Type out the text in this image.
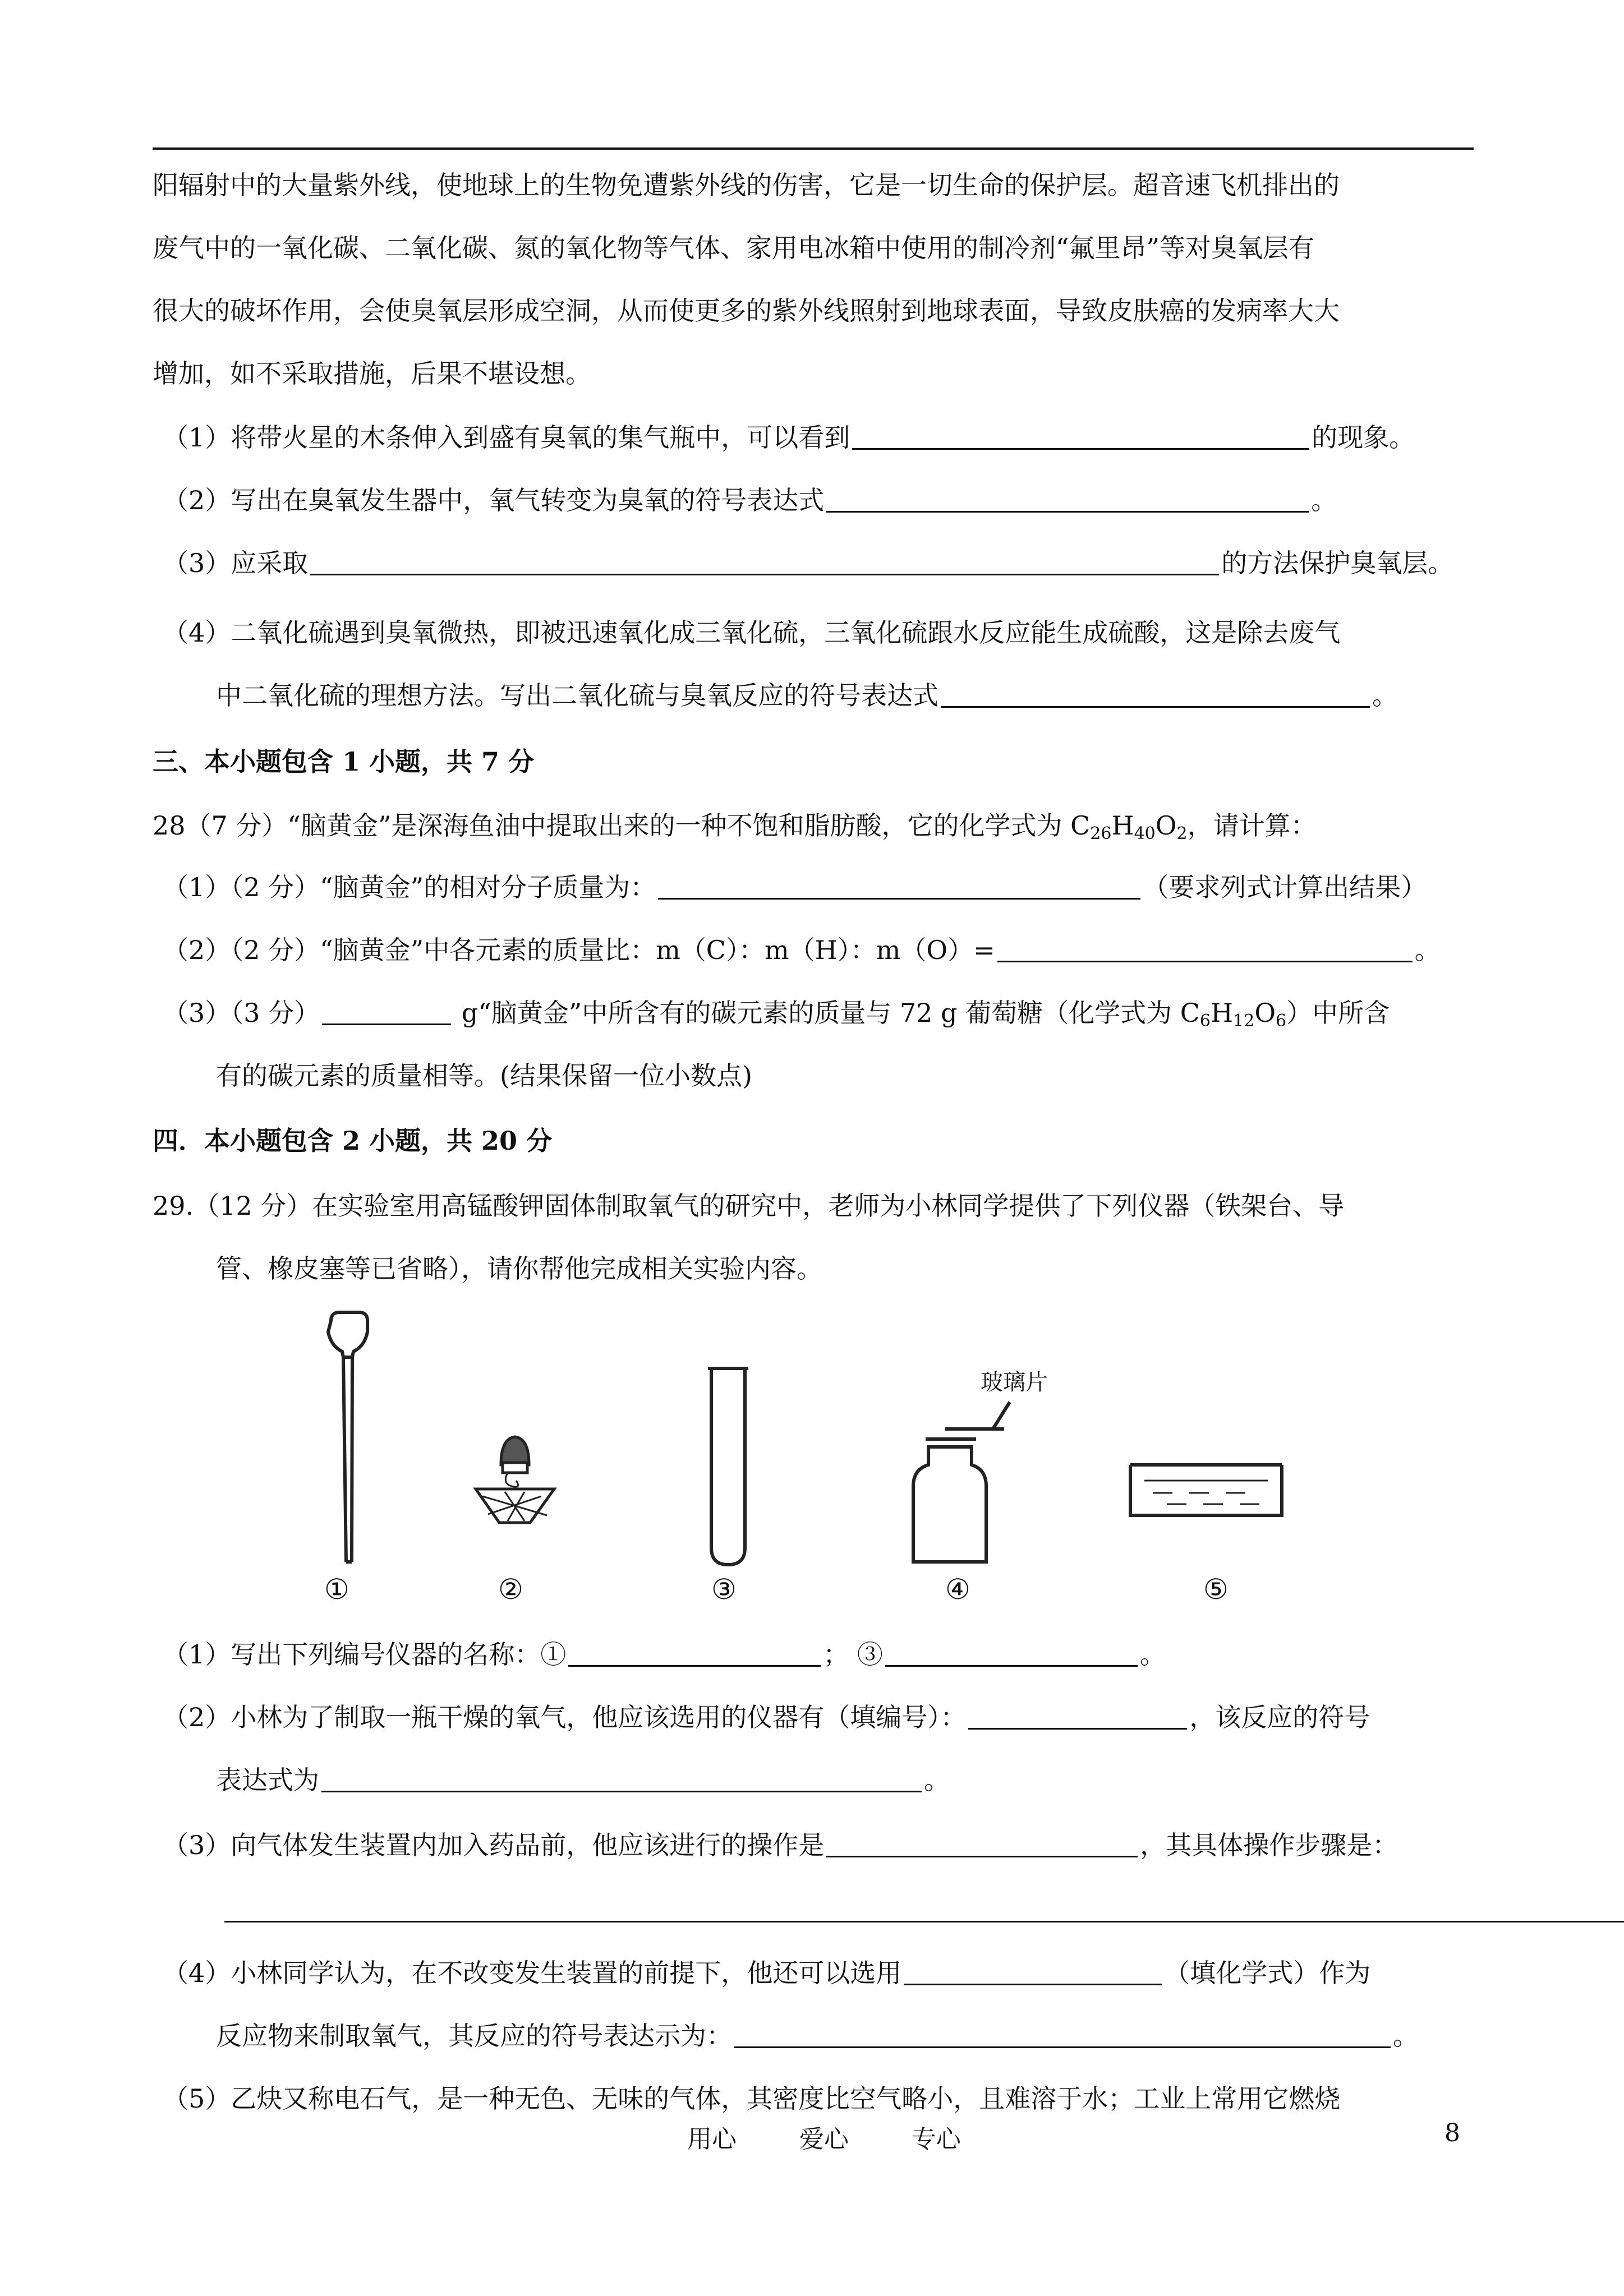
阳辐射中的大量紫外线，使地球上的生物免遭紫外线的伤害，它是一切生命的保护层。超音速飞机排出的
废气中的一氧化碳、二氧化碳、氮的氧化物等气体、家用电冰箱中使用的制冷剂“氟里昂”等对臭氧层有
很大的破坏作用，会使臭氧层形成空洞，从而使更多的紫外线照射到地球表面，导致皮肤癌的发病率大大
增加，如不采取措施，后果不堪设想。
（1）将带火星的木条伸入到盛有臭氧的集气瓶中，可以看到	的现象。
（2）写出在臭氧发生器中，氧气转变为臭氧的符号表达式	。
（3）应采取	的方法保护臭氧层。
（4）二氧化硫遇到臭氧微热，即被迅速氧化成三氧化硫，三氧化硫跟水反应能生成硫酸，这是除去废气
中二氧化硫的理想方法。写出二氧化硫与臭氧反应的符号表达式	。
三、本小题包含 1 小题，共 7 分
28（7 分）“脑黄金”是深海鱼油中提取出来的一种不饱和脂肪酸，它的化学式为 $C_{26}H_{40}O_2$，请计算：
（1）（2 分）“脑黄金”的相对分子质量为：	（要求列式计算出结果）
（2）（2 分）“脑黄金”中各元素的质量比：m（C）：m（H）：m（O）=	。
（3）（3 分）	g“脑黄金”中所含有的碳元素的质量与 72 g 葡萄糖（化学式为 $C_6H_{12}O_6$）中所含
有的碳元素的质量相等。(结果保留一位小数点)
四．本小题包含 2 小题，共 20 分
29.（12 分）在实验室用高锰酸钾固体制取氧气的研究中，老师为小林同学提供了下列仪器（铁架台、导
管、橡皮塞等已省略），请你帮他完成相关实验内容。
玻璃片
①	②	③	④	⑤
（1）写出下列编号仪器的名称：①	； ③	。
（2）小林为了制取一瓶干燥的氧气，他应该选用的仪器有（填编号）：	，该反应的符号
表达式为	。
（3）向气体发生装置内加入药品前，他应该进行的操作是	，其具体操作步骤是：
（4）小林同学认为，在不改变发生装置的前提下，他还可以选用	（填化学式）作为
反应物来制取氧气，其反应的符号表达示为：	。
（5）乙炔又称电石气，是一种无色、无味的气体，其密度比空气略小，且难溶于水；工业上常用它燃烧
用心        爱心        专心	8
